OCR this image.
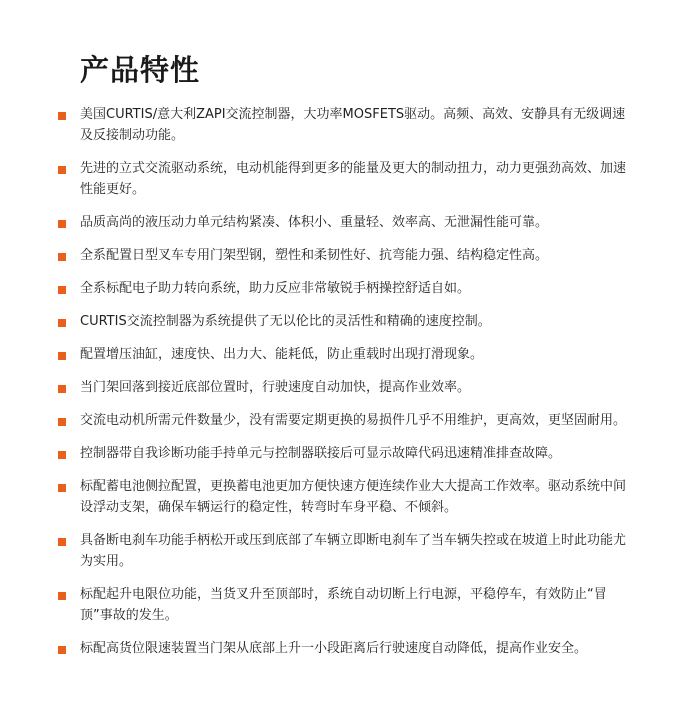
产品特性
美国CURTIS/意大利ZAPI交流控制器，大功率MOSFETS驱动。高频、高效、安静具有无级调速及反接制动功能。
先进的立式交流驱动系统，电动机能得到更多的能量及更大的制动扭力，动力更强劲高效、加速性能更好。
品质高尚的液压动力单元结构紧凑、体积小、重量轻、效率高、无泄漏性能可靠。
全系配置日型叉车专用门架型钢，塑性和柔韧性好、抗弯能力强、结构稳定性高。
全系标配电子助力转向系统，助力反应非常敏锐手柄操控舒适自如。
CURTIS交流控制器为系统提供了无以伦比的灵活性和精确的速度控制。
配置增压油缸，速度快、出力大、能耗低，防止重载时出现打滑现象。
当门架回落到接近底部位置时，行驶速度自动加快，提高作业效率。
交流电动机所需元件数量少，没有需要定期更换的易损件几乎不用维护，更高效，更坚固耐用。
控制器带自我诊断功能手持单元与控制器联接后可显示故障代码迅速精准排查故障。
标配蓄电池侧拉配置，更换蓄电池更加方便快速方便连续作业大大提高工作效率。驱动系统中间设浮动支架，确保车辆运行的稳定性，转弯时车身平稳、不倾斜。
具备断电刹车功能手柄松开或压到底部了车辆立即断电刹车了当车辆失控或在坡道上时此功能尤为实用。
标配起升电限位功能，当货叉升至顶部时，系统自动切断上行电源，平稳停车，有效防止“冒顶”事故的发生。
标配高货位限速装置当门架从底部上升一小段距离后行驶速度自动降低，提高作业安全。
